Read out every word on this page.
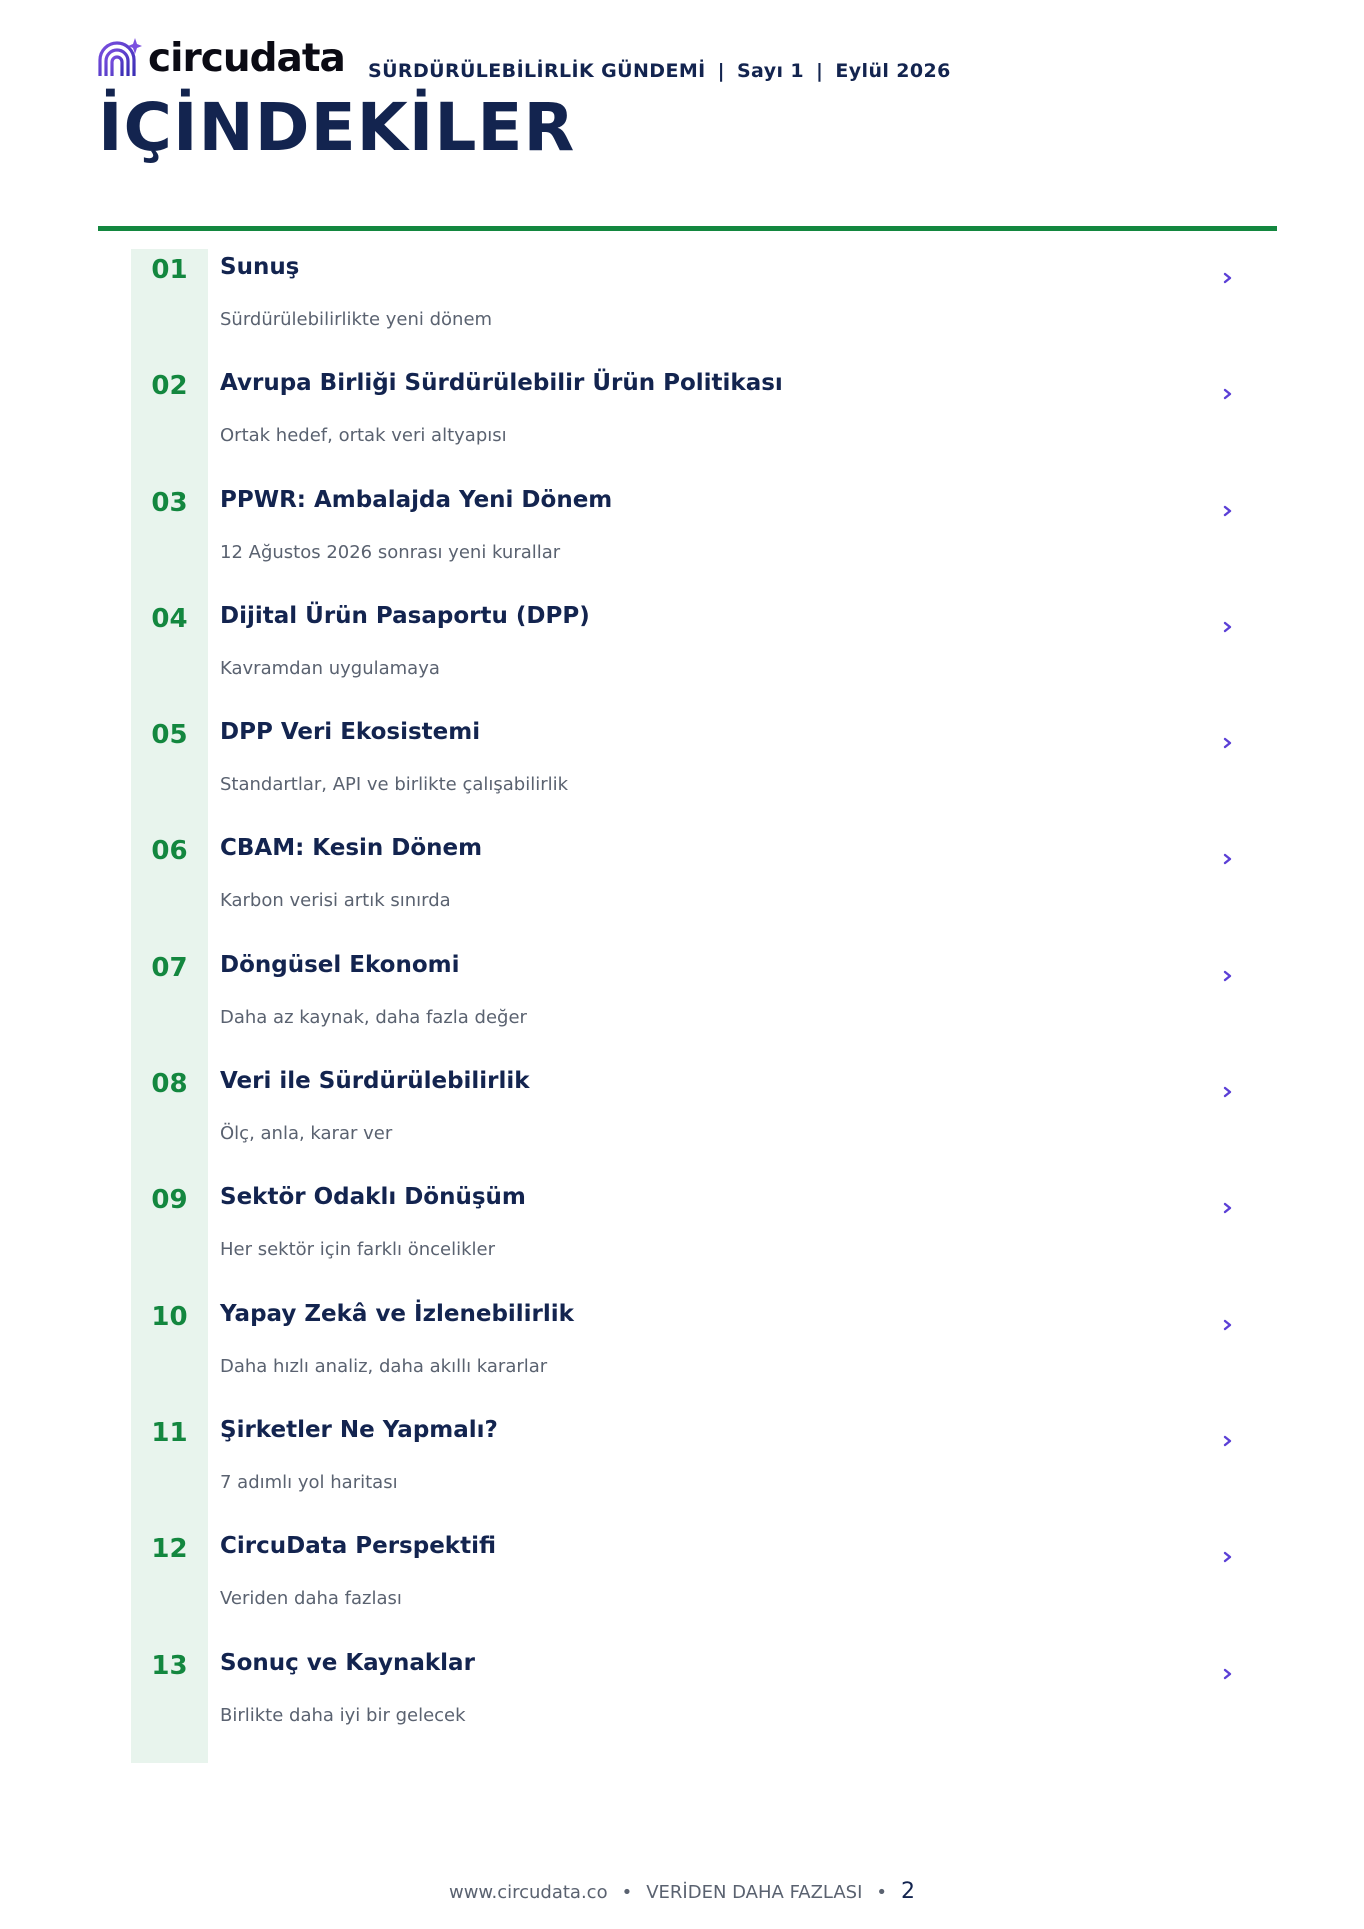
circudata SÜRDÜRÜLEBİLİRLİK GÜNDEMİ | Sayı 1 | Eylül 2026
İÇİNDEKİLER
01	Sunuş
Sürdürülebilirlikte yeni dönem
02	Avrupa Birliği Sürdürülebilir Ürün Politikası
Ortak hedef, ortak veri altyapısı
03	PPWR: Ambalajda Yeni Dönem
12 Ağustos 2026 sonrası yeni kurallar
04	Dijital Ürün Pasaportu (DPP)
Kavramdan uygulamaya
05	DPP Veri Ekosistemi
Standartlar, API ve birlikte çalışabilirlik
06	CBAM: Kesin Dönem
Karbon verisi artık sınırda
07	Döngüsel Ekonomi
Daha az kaynak, daha fazla değer
08	Veri ile Sürdürülebilirlik
Ölç, anla, karar ver
09	Sektör Odaklı Dönüşüm
Her sektör için farklı öncelikler
10	Yapay Zekâ ve İzlenebilirlik
Daha hızlı analiz, daha akıllı kararlar
11	Şirketler Ne Yapmalı?
7 adımlı yol haritası
12	CircuData Perspektifi
Veriden daha fazlası
13	Sonuç ve Kaynaklar
Birlikte daha iyi bir gelecek
www.circudata.co • VERİDEN DAHA FAZLASI • 2
